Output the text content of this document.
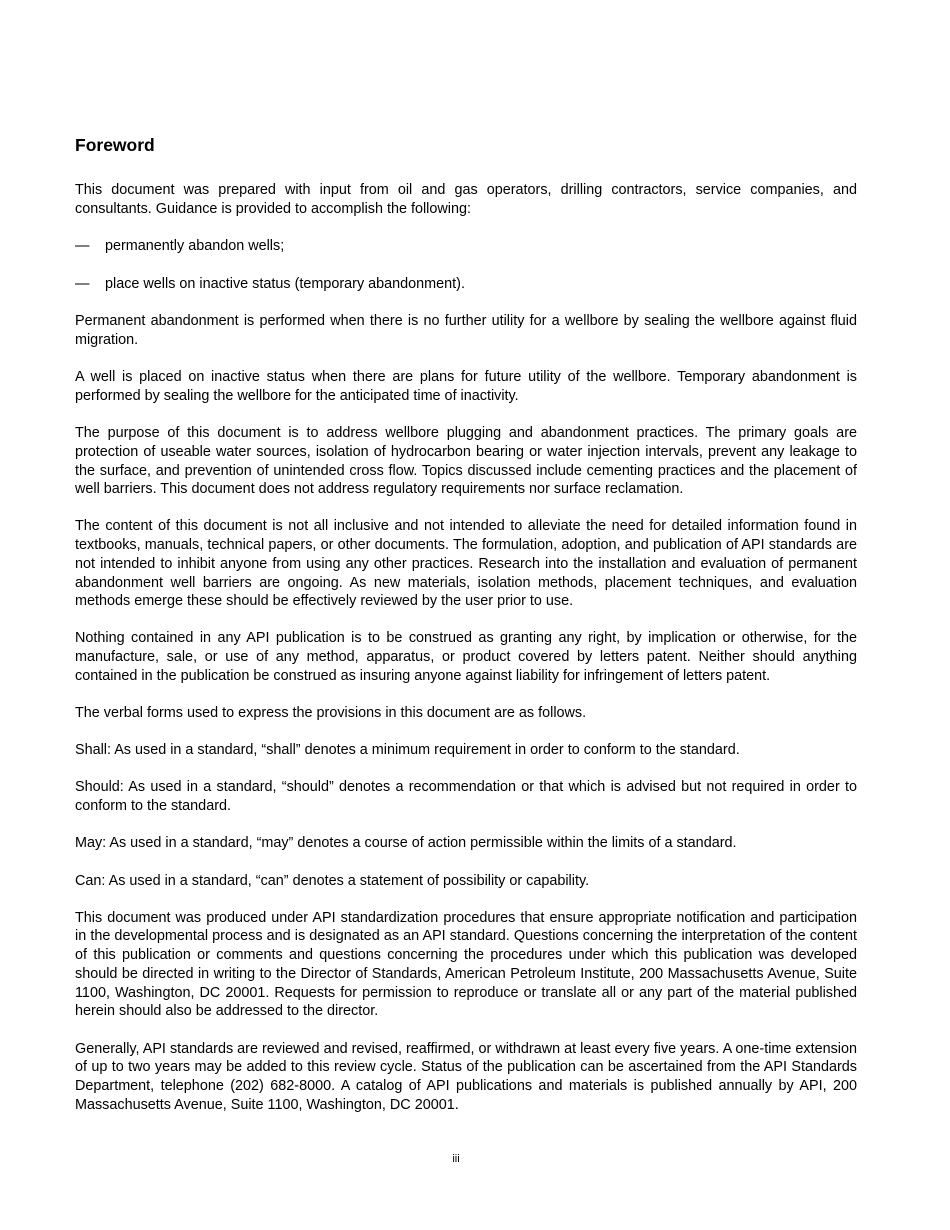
Foreword

This document was prepared with input from oil and gas operators, drilling contractors, service companies, and consultants. Guidance is provided to accomplish the following:

—	permanently abandon wells;
—	place wells on inactive status (temporary abandonment).

Permanent abandonment is performed when there is no further utility for a wellbore by sealing the wellbore against fluid migration.

A well is placed on inactive status when there are plans for future utility of the wellbore. Temporary abandonment is performed by sealing the wellbore for the anticipated time of inactivity.

The purpose of this document is to address wellbore plugging and abandonment practices. The primary goals are protection of useable water sources, isolation of hydrocarbon bearing or water injection intervals, prevent any leakage to the surface, and prevention of unintended cross flow. Topics discussed include cementing practices and the placement of well barriers. This document does not address regulatory requirements nor surface reclamation.

The content of this document is not all inclusive and not intended to alleviate the need for detailed information found in textbooks, manuals, technical papers, or other documents. The formulation, adoption, and publication of API standards are not intended to inhibit anyone from using any other practices. Research into the installation and evaluation of permanent abandonment well barriers are ongoing. As new materials, isolation methods, placement techniques, and evaluation methods emerge these should be effectively reviewed by the user prior to use.

Nothing contained in any API publication is to be construed as granting any right, by implication or otherwise, for the manufacture, sale, or use of any method, apparatus, or product covered by letters patent. Neither should anything contained in the publication be construed as insuring anyone against liability for infringement of letters patent.

The verbal forms used to express the provisions in this document are as follows.

Shall: As used in a standard, “shall” denotes a minimum requirement in order to conform to the standard.

Should: As used in a standard, “should” denotes a recommendation or that which is advised but not required in order to conform to the standard.

May: As used in a standard, “may” denotes a course of action permissible within the limits of a standard.

Can: As used in a standard, “can” denotes a statement of possibility or capability.

This document was produced under API standardization procedures that ensure appropriate notification and participation in the developmental process and is designated as an API standard. Questions concerning the interpretation of the content of this publication or comments and questions concerning the procedures under which this publication was developed should be directed in writing to the Director of Standards, American Petroleum Institute, 200 Massachusetts Avenue, Suite 1100, Washington, DC 20001. Requests for permission to reproduce or translate all or any part of the material published herein should also be addressed to the director.

Generally, API standards are reviewed and revised, reaffirmed, or withdrawn at least every five years. A one-time extension of up to two years may be added to this review cycle. Status of the publication can be ascertained from the API Standards Department, telephone (202) 682-8000. A catalog of API publications and materials is published annually by API, 200 Massachusetts Avenue, Suite 1100, Washington, DC 20001.

iii
